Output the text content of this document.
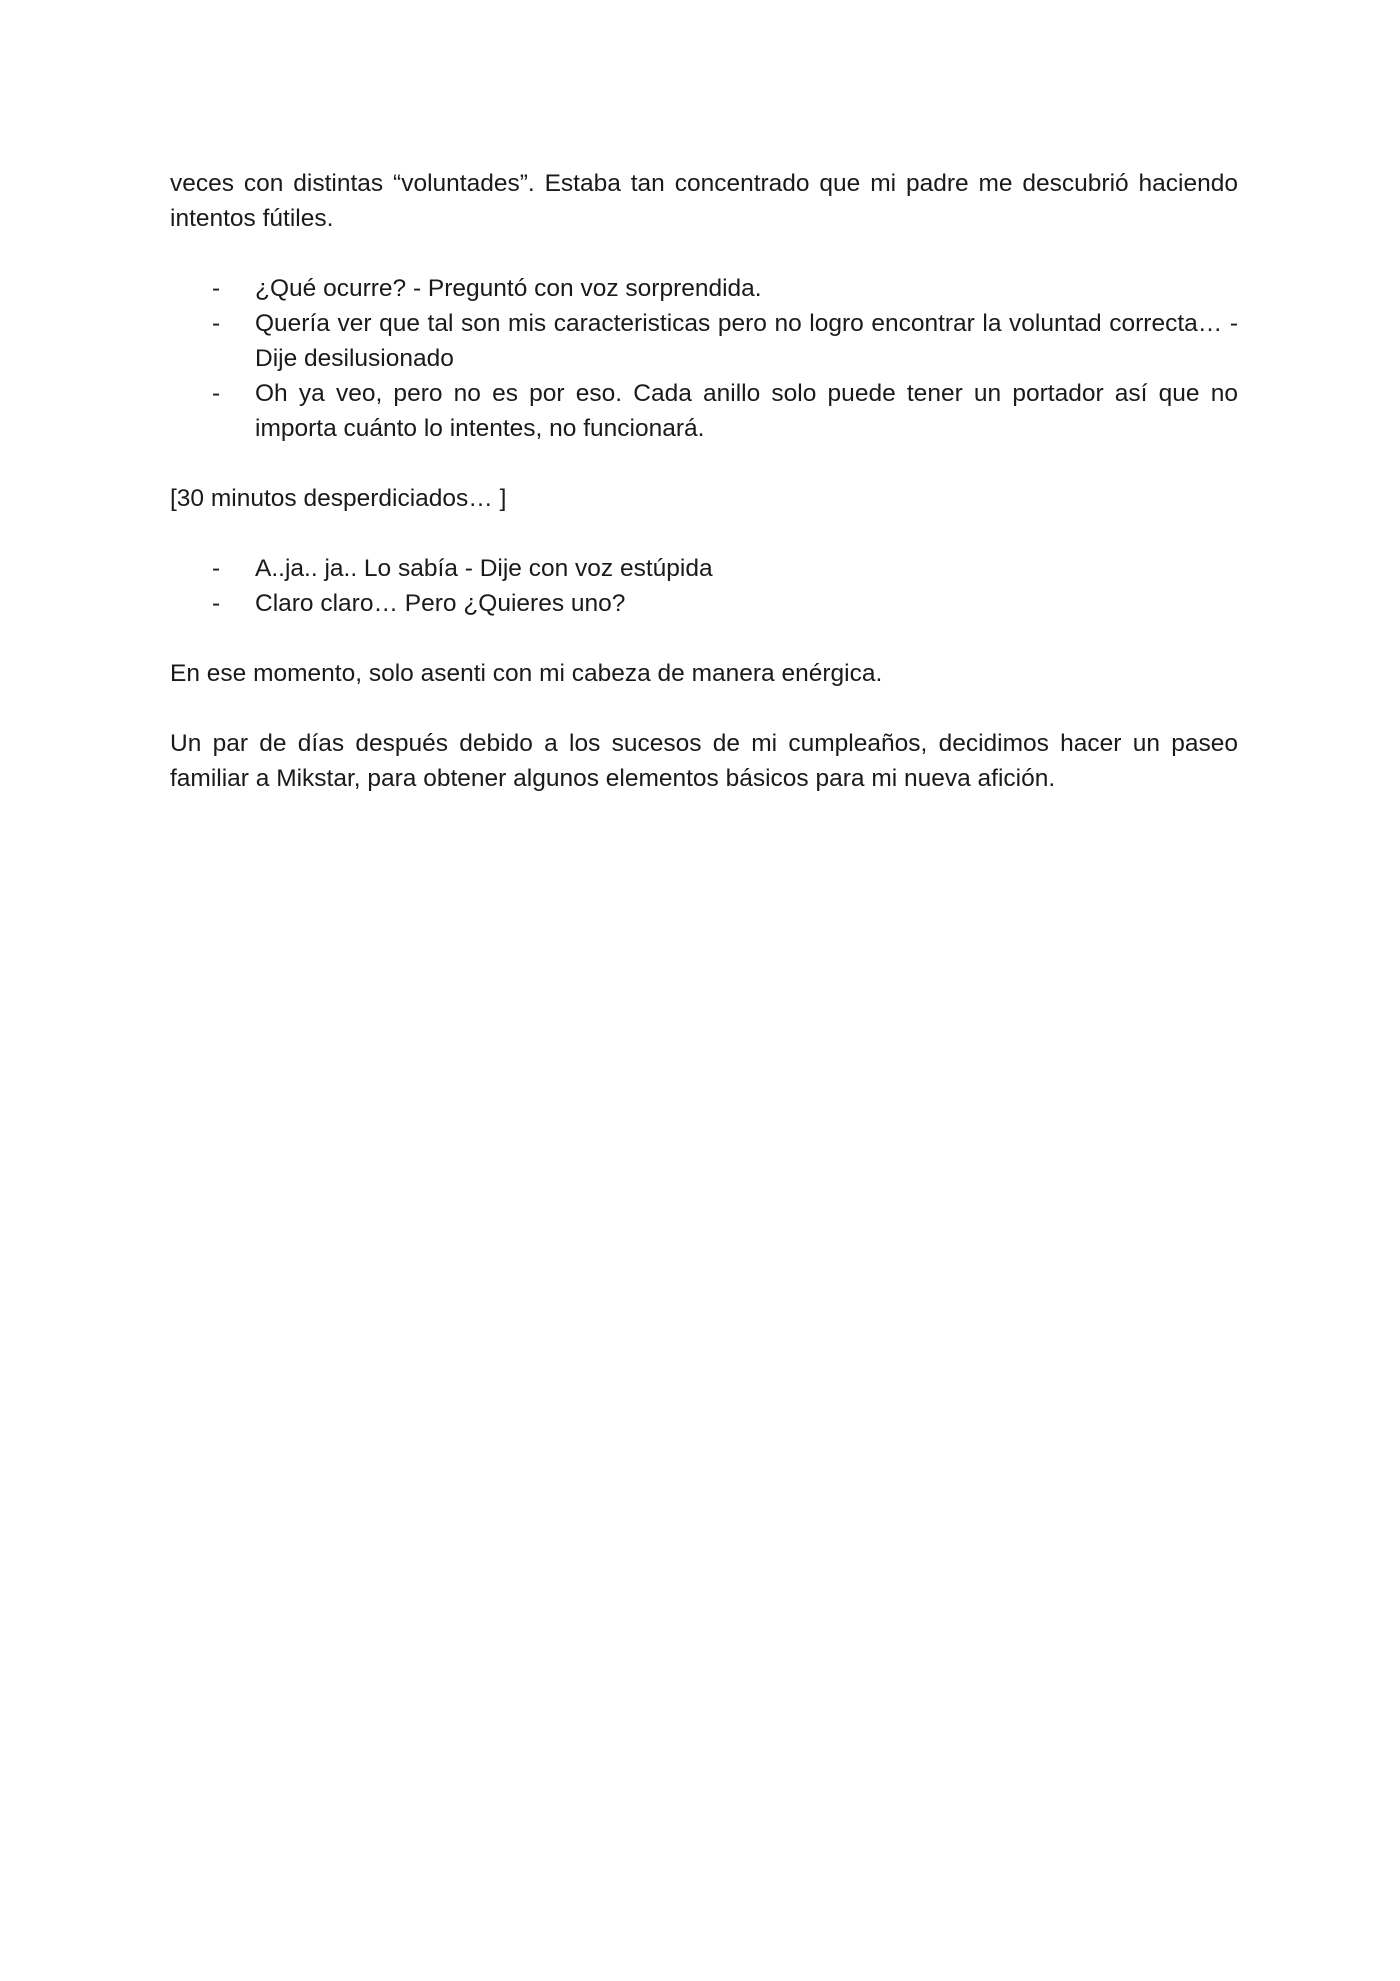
veces con distintas “voluntades”. Estaba tan concentrado que mi padre me descubrió haciendo intentos fútiles.

- ¿Qué ocurre? - Preguntó con voz sorprendida.
- Quería ver que tal son mis caracteristicas pero no logro encontrar la voluntad correcta… - Dije desilusionado
- Oh ya veo, pero no es por eso. Cada anillo solo puede tener un portador así que no importa cuánto lo intentes, no funcionará.

[30 minutos desperdiciados… ]

- A..ja.. ja.. Lo sabía - Dije con voz estúpida
- Claro claro… Pero ¿Quieres uno?

En ese momento, solo asenti con mi cabeza de manera enérgica.

Un par de días después debido a los sucesos de mi cumpleaños, decidimos hacer un paseo familiar a Mikstar, para obtener algunos elementos básicos para mi nueva afición.
